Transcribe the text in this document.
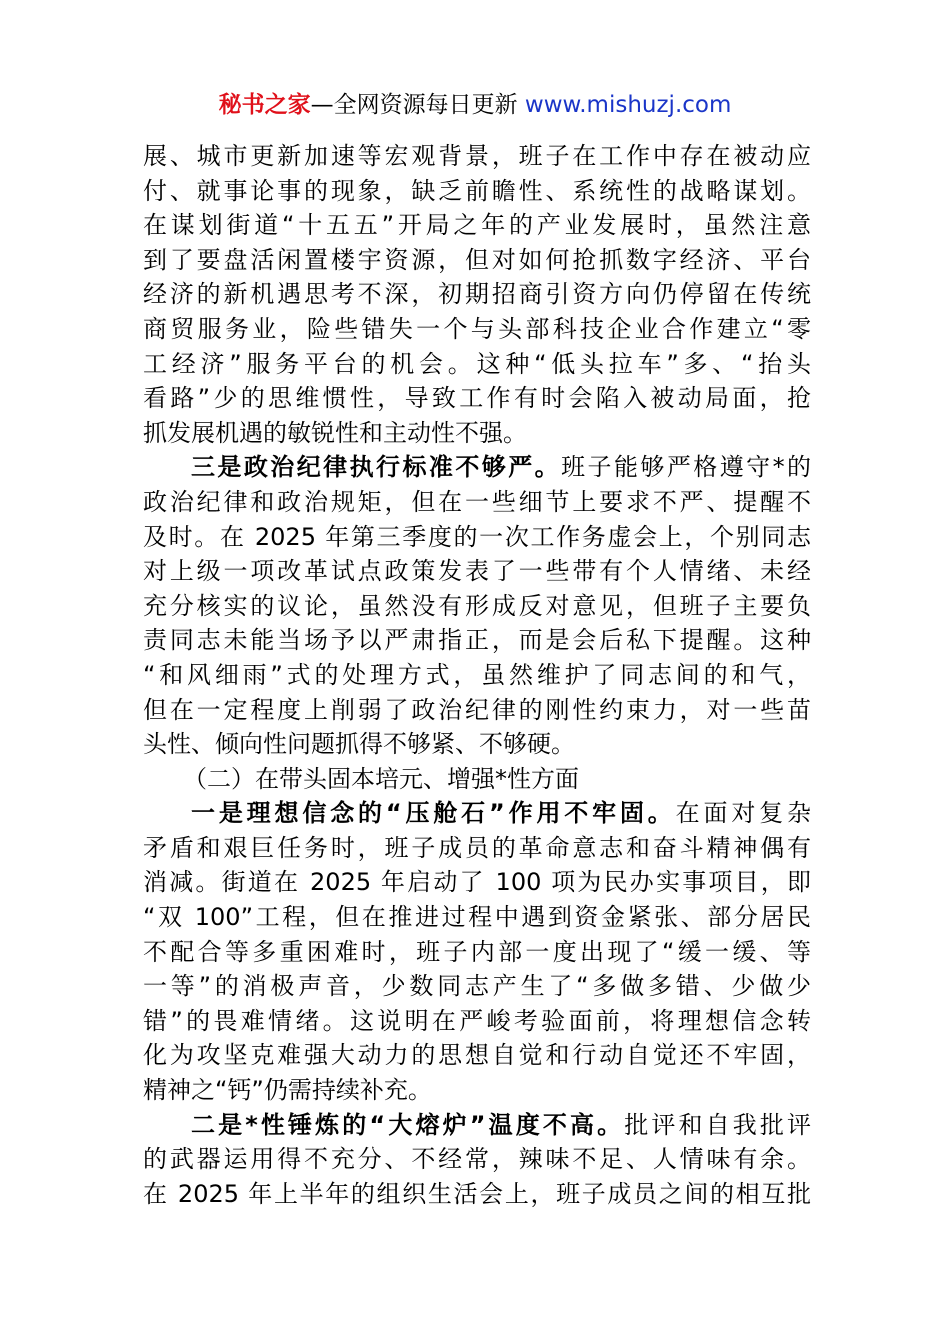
秘书之家—全网资源每日更新 www.mishuzj.com
展、城市更新加速等宏观背景，班子在工作中存在被动应
付、就事论事的现象，缺乏前瞻性、系统性的战略谋划。
在谋划街道“十五五”开局之年的产业发展时，虽然注意
到了要盘活闲置楼宇资源，但对如何抢抓数字经济、平台
经济的新机遇思考不深，初期招商引资方向仍停留在传统
商贸服务业，险些错失一个与头部科技企业合作建立“零
工经济”服务平台的机会。这种“低头拉车”多、“抬头
看路”少的思维惯性，导致工作有时会陷入被动局面，抢
抓发展机遇的敏锐性和主动性不强。
三是政治纪律执行标准不够严。班子能够严格遵守*的
政治纪律和政治规矩，但在一些细节上要求不严、提醒不
及时。在 2025 年第三季度的一次工作务虚会上，个别同志
对上级一项改革试点政策发表了一些带有个人情绪、未经
充分核实的议论，虽然没有形成反对意见，但班子主要负
责同志未能当场予以严肃指正，而是会后私下提醒。这种
“和风细雨”式的处理方式，虽然维护了同志间的和气，
但在一定程度上削弱了政治纪律的刚性约束力，对一些苗
头性、倾向性问题抓得不够紧、不够硬。
（二）在带头固本培元、增强*性方面
一是理想信念的“压舱石”作用不牢固。在面对复杂
矛盾和艰巨任务时，班子成员的革命意志和奋斗精神偶有
消减。街道在 2025 年启动了 100 项为民办实事项目，即
“双 100”工程，但在推进过程中遇到资金紧张、部分居民
不配合等多重困难时，班子内部一度出现了“缓一缓、等
一等”的消极声音，少数同志产生了“多做多错、少做少
错”的畏难情绪。这说明在严峻考验面前，将理想信念转
化为攻坚克难强大动力的思想自觉和行动自觉还不牢固，
精神之“钙”仍需持续补充。
二是*性锤炼的“大熔炉”温度不高。批评和自我批评
的武器运用得不充分、不经常，辣味不足、人情味有余。
在 2025 年上半年的组织生活会上，班子成员之间的相互批
